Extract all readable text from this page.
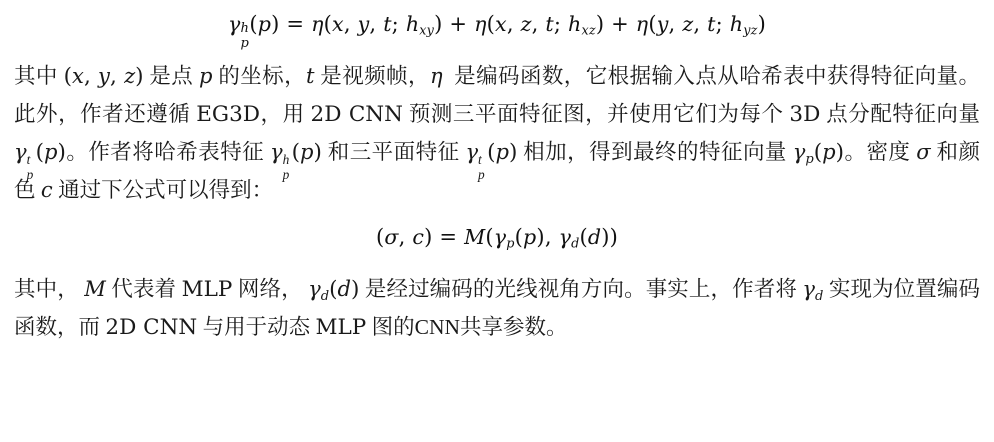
γ h
p
(p) = η(x, y, t; $h_{xy}) + \eta(x$, z, t; $h_{xz}) + \eta(y$, z, t; $h_{yz}$)

其中 (x, y, z) 是点 p 的坐标，t 是视频帧，η  是编码函数，它根据输入点从哈希表中获得特征向量。此外，作者还遵循 EG3D，用 2D CNN 预测三平面特征图，并使用它们为每个 3D 点分配特征向量γ t
p
(p)。作者将哈希表特征 γ h
p
(p) 和三平面特征 γ t
p
(p) 相加，得到最终的特征向量 $\gamma_p(p)$。密度 σ 和颜色 c 通过下公式可以得到：

(σ, $c) = M(\gamma_p(p)$, $\gamma_d(d)$)

其中， M 代表着 MLP 网络， $\gamma_d(d)$ 是经过编码的光线视角方向。事实上，作者将 $\gamma_d$ 实现为位置编码函数，而 2D CNN 与用于动态 MLP 图的CNN共享参数。
